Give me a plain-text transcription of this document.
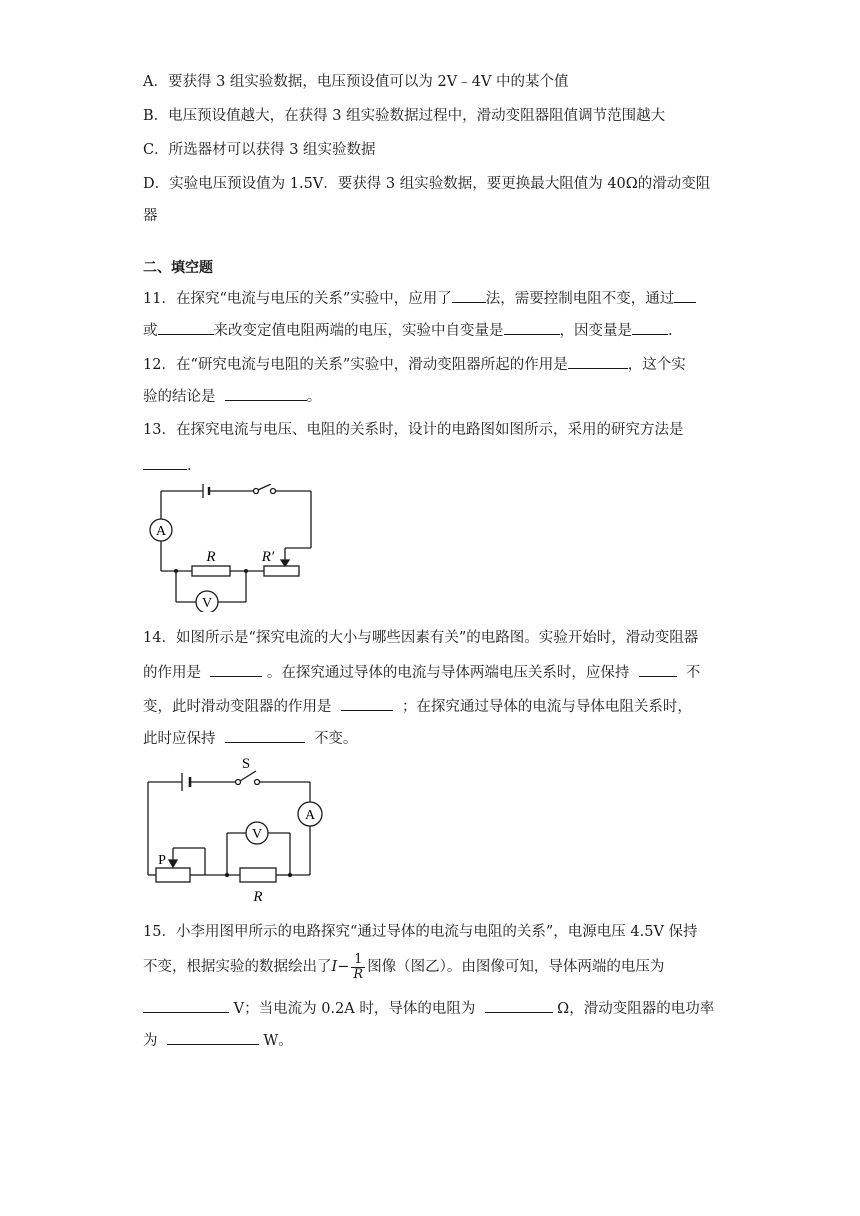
A．要获得 3 组实验数据，电压预设值可以为 2V﹣4V 中的某个值
B．电压预设值越大，在获得 3 组实验数据过程中，滑动变阻器阻值调节范围越大
C．所选器材可以获得 3 组实验数据
D．实验电压预设值为 1.5V．要获得 3 组实验数据，要更换最大阻值为 40Ω的滑动变阻
器
二、填空题
11．在探究“电流与电压的关系”实验中，应用了 法，需要控制电阻不变，通过
或	来改变定值电阻两端的电压，实验中自变量是	，因变量是 .
12．在“研究电流与电阻的关系”实验中，滑动变阻器所起的作用是	，这个实
验的结论是	。
13．在探究电流与电压、电阻的关系时，设计的电路图如图所示，采用的研究方法是
.
A
V
R	R′
14．如图所示是“探究电流的大小与哪些因素有关”的电路图。实验开始时，滑动变阻器
的作用是	。在探究通过导体的电流与导体两端电压关系时，应保持	不
变，此时滑动变阻器的作用是	；在探究通过导体的电流与导体电阻关系时，
此时应保持	不变。
S
A
V
P
R
15．小李用图甲所示的电路探究“通过导体的电流与电阻的关系”，电源电压 4.5V 保持
不变，根据实验的数据绘出了$I- \frac{1}{R}$ 图像（图乙）。由图像可知，导体两端的电压为
V；当电流为 0.2A 时，导体的电阻为	Ω，滑动变阻器的电功率
为	W。
